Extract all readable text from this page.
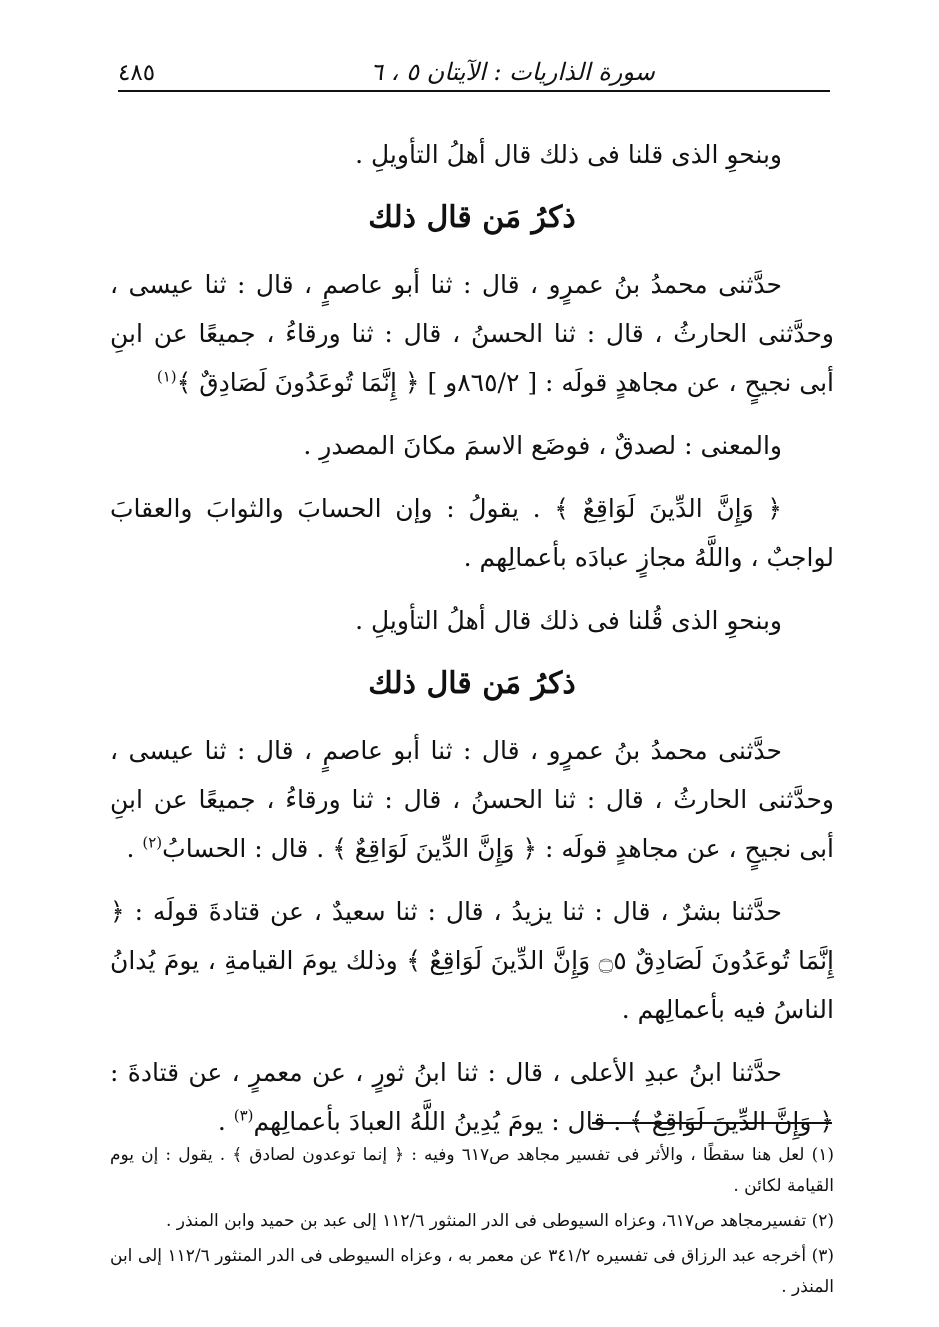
٤٨٥	سورة الذاريات : الآيتان ٥ ، ٦

وبنحوِ الذى قلنا فى ذلك قال أهلُ التأويلِ .

ذكرُ مَن قال ذلك

حدَّثنى محمدُ بنُ عمرٍو ، قال : ثنا أبو عاصمٍ ، قال : ثنا عيسى ، وحدَّثنى الحارثُ ، قال : ثنا الحسنُ ، قال : ثنا ورقاءُ ، جميعًا عن ابنِ أبى نجيحٍ ، عن مجاهدٍ قولَه : [ ٨٦٥/٢و ] ﴿ إِنَّمَا تُوعَدُونَ لَصَادِقٌ ﴾$^{(١)}$

والمعنى : لصدقٌ ، فوضَع الاسمَ مكانَ المصدرِ .

﴿ وَإِنَّ الدِّينَ لَوَاقِعٌ ﴾ . يقولُ : وإن الحسابَ والثوابَ والعقابَ لواجبٌ ، واللَّهُ مجازٍ عبادَه بأعمالِهم .

وبنحوِ الذى قُلنا فى ذلك قال أهلُ التأويلِ .

ذكرُ مَن قال ذلك

حدَّثنى محمدُ بنُ عمرٍو ، قال : ثنا أبو عاصمٍ ، قال : ثنا عيسى ، وحدَّثنى الحارثُ ، قال : ثنا الحسنُ ، قال : ثنا ورقاءُ ، جميعًا عن ابنِ أبى نجيحٍ ، عن مجاهدٍ قولَه : ﴿ وَإِنَّ الدِّينَ لَوَاقِعٌ ﴾ . قال : الحسابُ$^{(٢)}$ .

حدَّثنا بشرٌ ، قال : ثنا يزيدُ ، قال : ثنا سعيدٌ ، عن قتادةَ قولَه : ﴿ إِنَّمَا تُوعَدُونَ لَصَادِقٌ ۝٥ وَإِنَّ الدِّينَ لَوَاقِعٌ ﴾ وذلك يومَ القيامةِ ، يومَ يُدانُ الناسُ فيه بأعمالِهم .

حدَّثنا ابنُ عبدِ الأعلى ، قال : ثنا ابنُ ثورٍ ، عن معمرٍ ، عن قتادةَ : ﴿ وَإِنَّ الدِّينَ لَوَاقِعٌ ﴾ . قال : يومَ يُدِينُ اللَّهُ العبادَ بأعمالِهم$^{(٣)}$ .

(١) لعل هنا سقطًا ، والأثر فى تفسير مجاهد ص٦١٧ وفيه : ﴿ إنما توعدون لصادق ﴾ . يقول : إن يوم القيامة لكائن .

(٢) تفسيرمجاهد ص٦١٧، وعزاه السيوطى فى الدر المنثور ١١٢/٦ إلى عبد بن حميد وابن المنذر .

(٣) أخرجه عبد الرزاق فى تفسيره ٣٤١/٢ عن معمر به ، وعزاه السيوطى فى الدر المنثور ١١٢/٦ إلى ابن المنذر .
